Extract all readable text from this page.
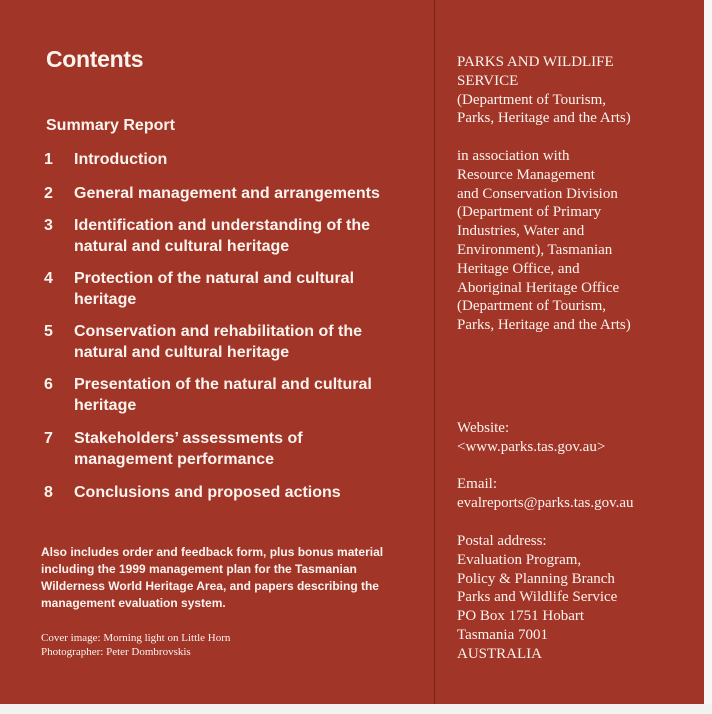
Contents
Summary Report
1	Introduction
2	General management and arrangements
3	Identification and understanding of the
natural and cultural heritage
4	Protection of the natural and cultural
heritage
5	Conservation and rehabilitation of the
natural and cultural heritage
6	Presentation of the natural and cultural
heritage
7	Stakeholders’ assessments of
management performance
8	Conclusions and proposed actions
Also includes order and feedback form, plus bonus material
including the 1999 management plan for the Tasmanian
Wilderness World Heritage Area, and papers describing the
management evaluation system.
Cover image: Morning light on Little Horn
Photographer: Peter Dombrovskis
PARKS AND WILDLIFE
SERVICE
(Department of Tourism,
Parks, Heritage and the Arts)
in association with
Resource Management
and Conservation Division
(Department of Primary
Industries, Water and
Environment), Tasmanian
Heritage Office, and
Aboriginal Heritage Office
(Department of Tourism,
Parks, Heritage and the Arts)
Website:
<www.parks.tas.gov.au>
Email:
evalreports@parks.tas.gov.au
Postal address:
Evaluation Program,
Policy & Planning Branch
Parks and Wildlife Service
PO Box 1751 Hobart
Tasmania 7001
AUSTRALIA
